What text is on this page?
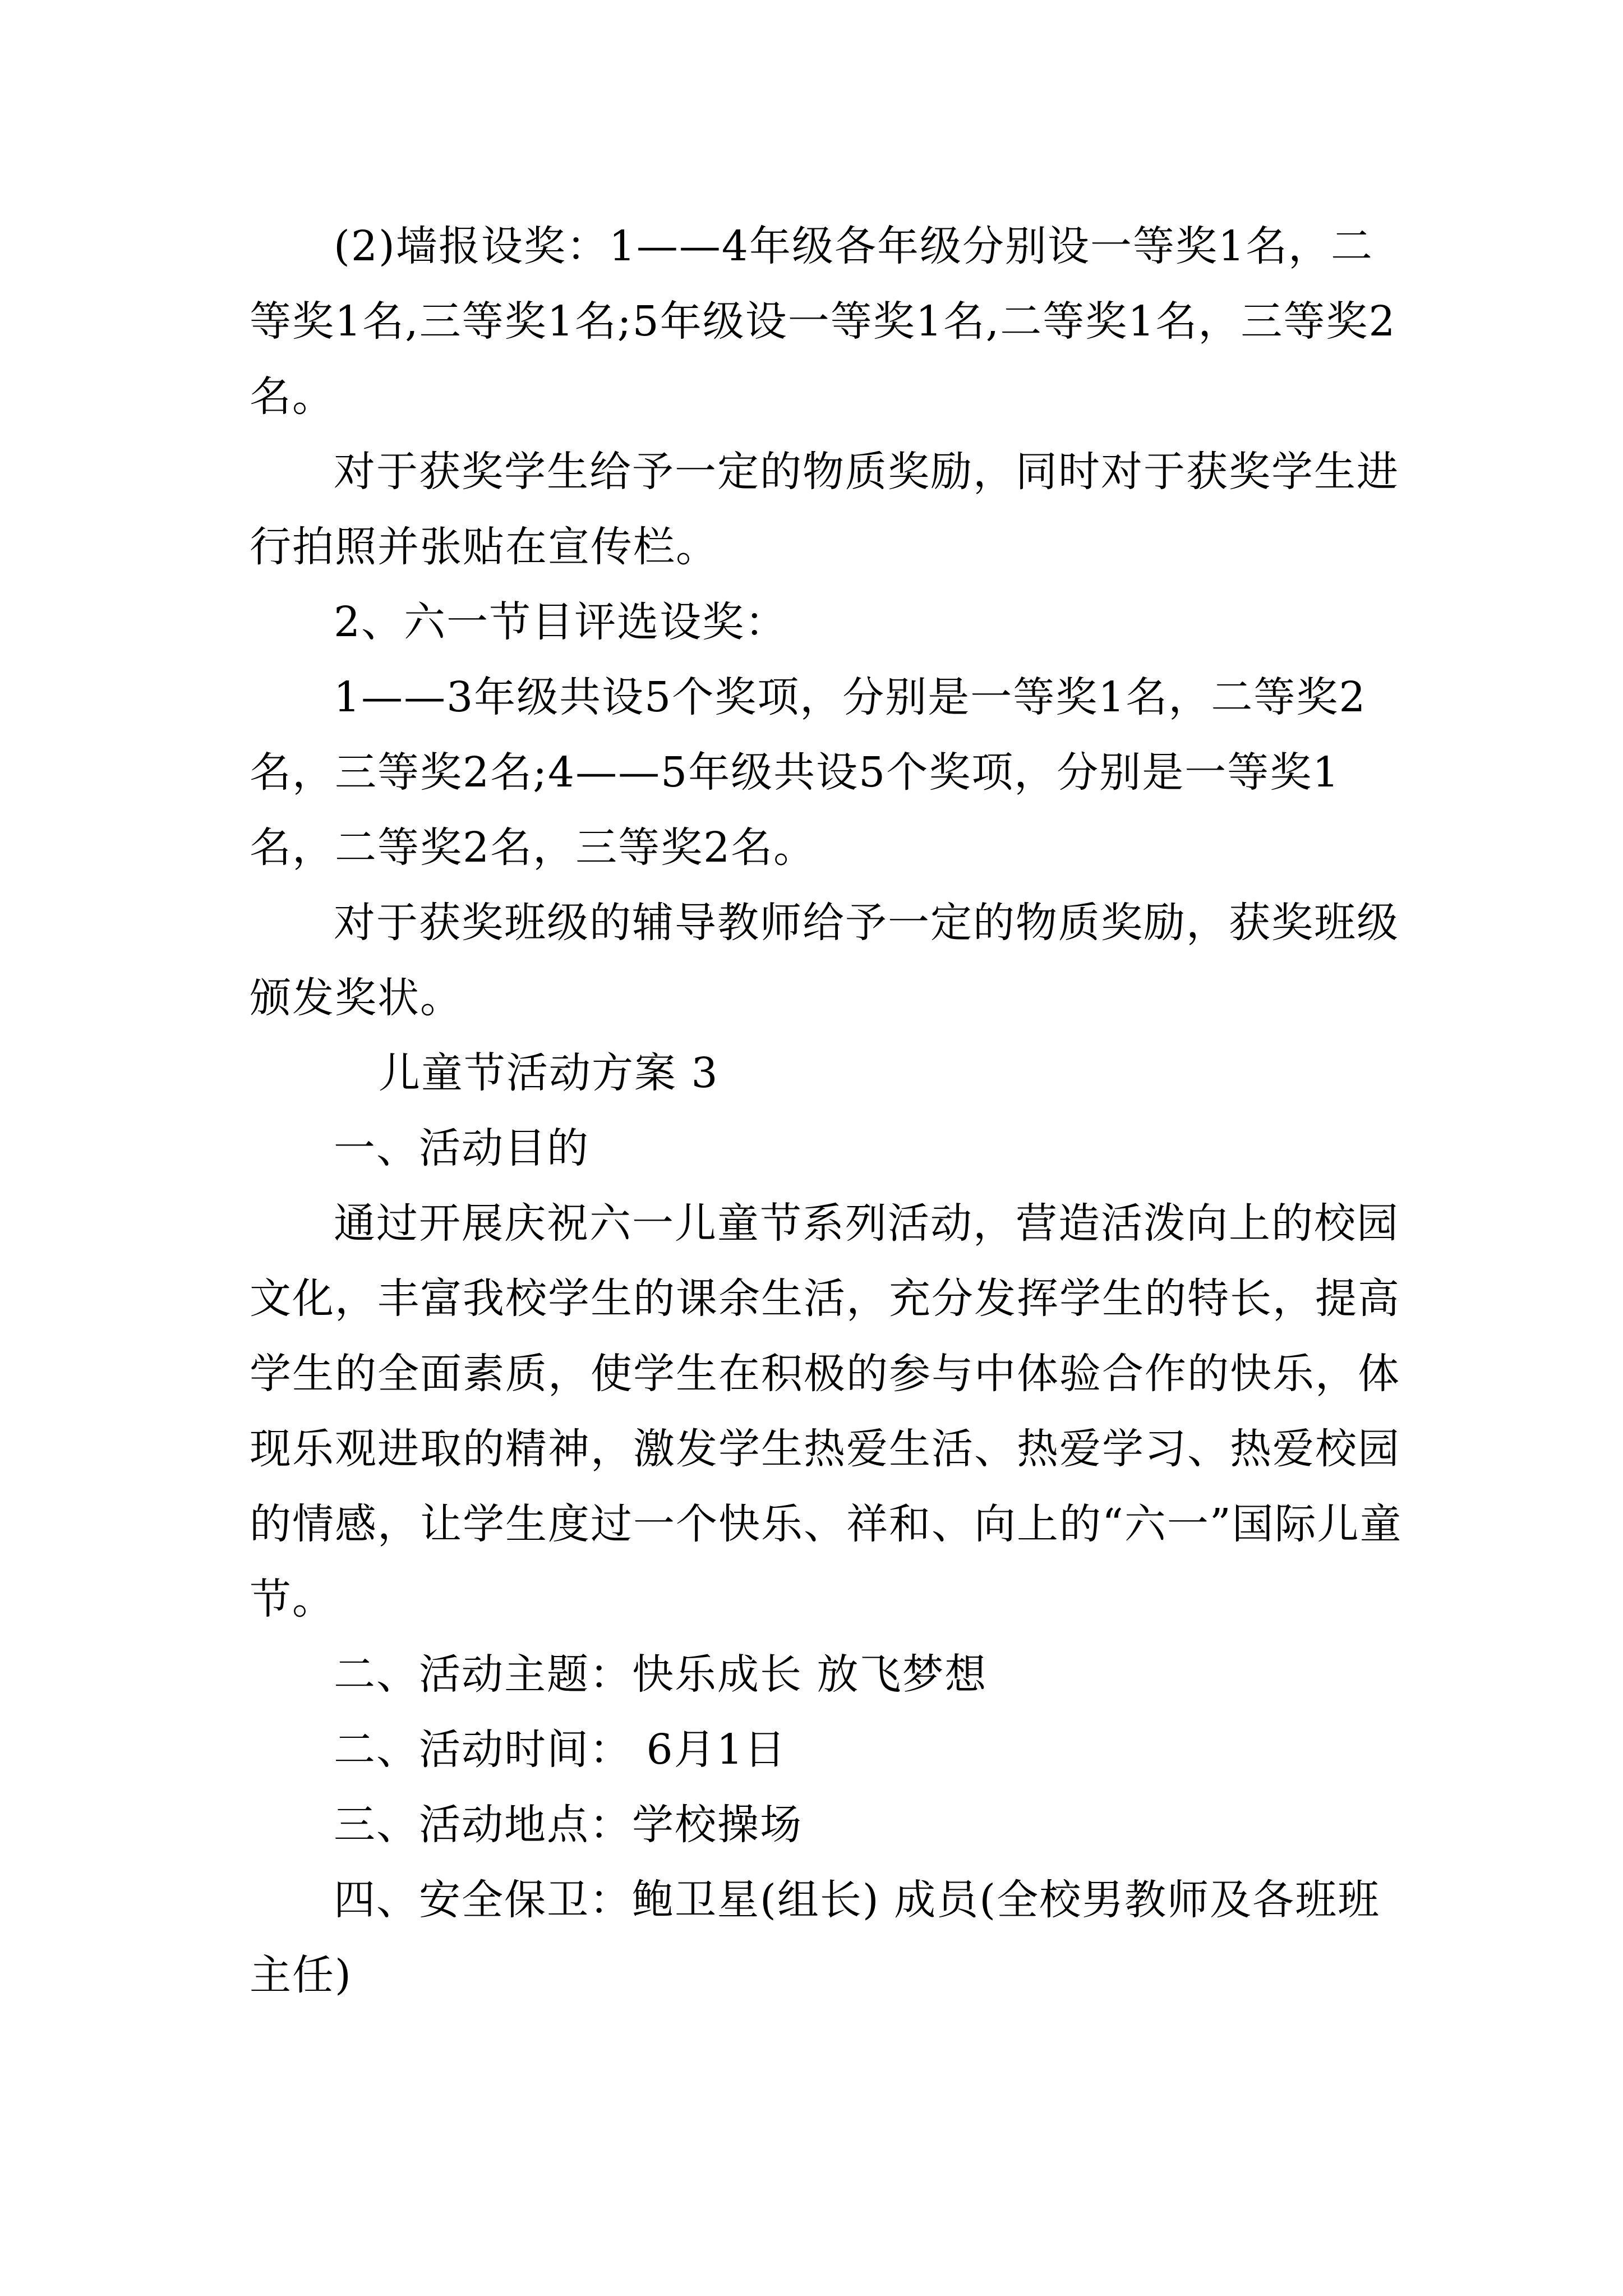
(2)墙报设奖：1——4年级各年级分别设一等奖1名，二等奖1名,三等奖1名;5年级设一等奖1名,二等奖1名，三等奖2名。

对于获奖学生给予一定的物质奖励，同时对于获奖学生进行拍照并张贴在宣传栏。

2、六一节目评选设奖：

1——3年级共设5个奖项，分别是一等奖1名，二等奖2名，三等奖2名;4——5年级共设5个奖项，分别是一等奖1名，二等奖2名，三等奖2名。

对于获奖班级的辅导教师给予一定的物质奖励，获奖班级颁发奖状。

儿童节活动方案 3

一、活动目的

通过开展庆祝六一儿童节系列活动，营造活泼向上的校园文化，丰富我校学生的课余生活，充分发挥学生的特长，提高学生的全面素质，使学生在积极的参与中体验合作的快乐，体现乐观进取的精神，激发学生热爱生活、热爱学习、热爱校园的情感，让学生度过一个快乐、祥和、向上的“六一”国际儿童节。

二、活动主题：快乐成长 放飞梦想

二、活动时间： 6月1日

三、活动地点：学校操场

四、安全保卫：鲍卫星(组长) 成员(全校男教师及各班班主任)
